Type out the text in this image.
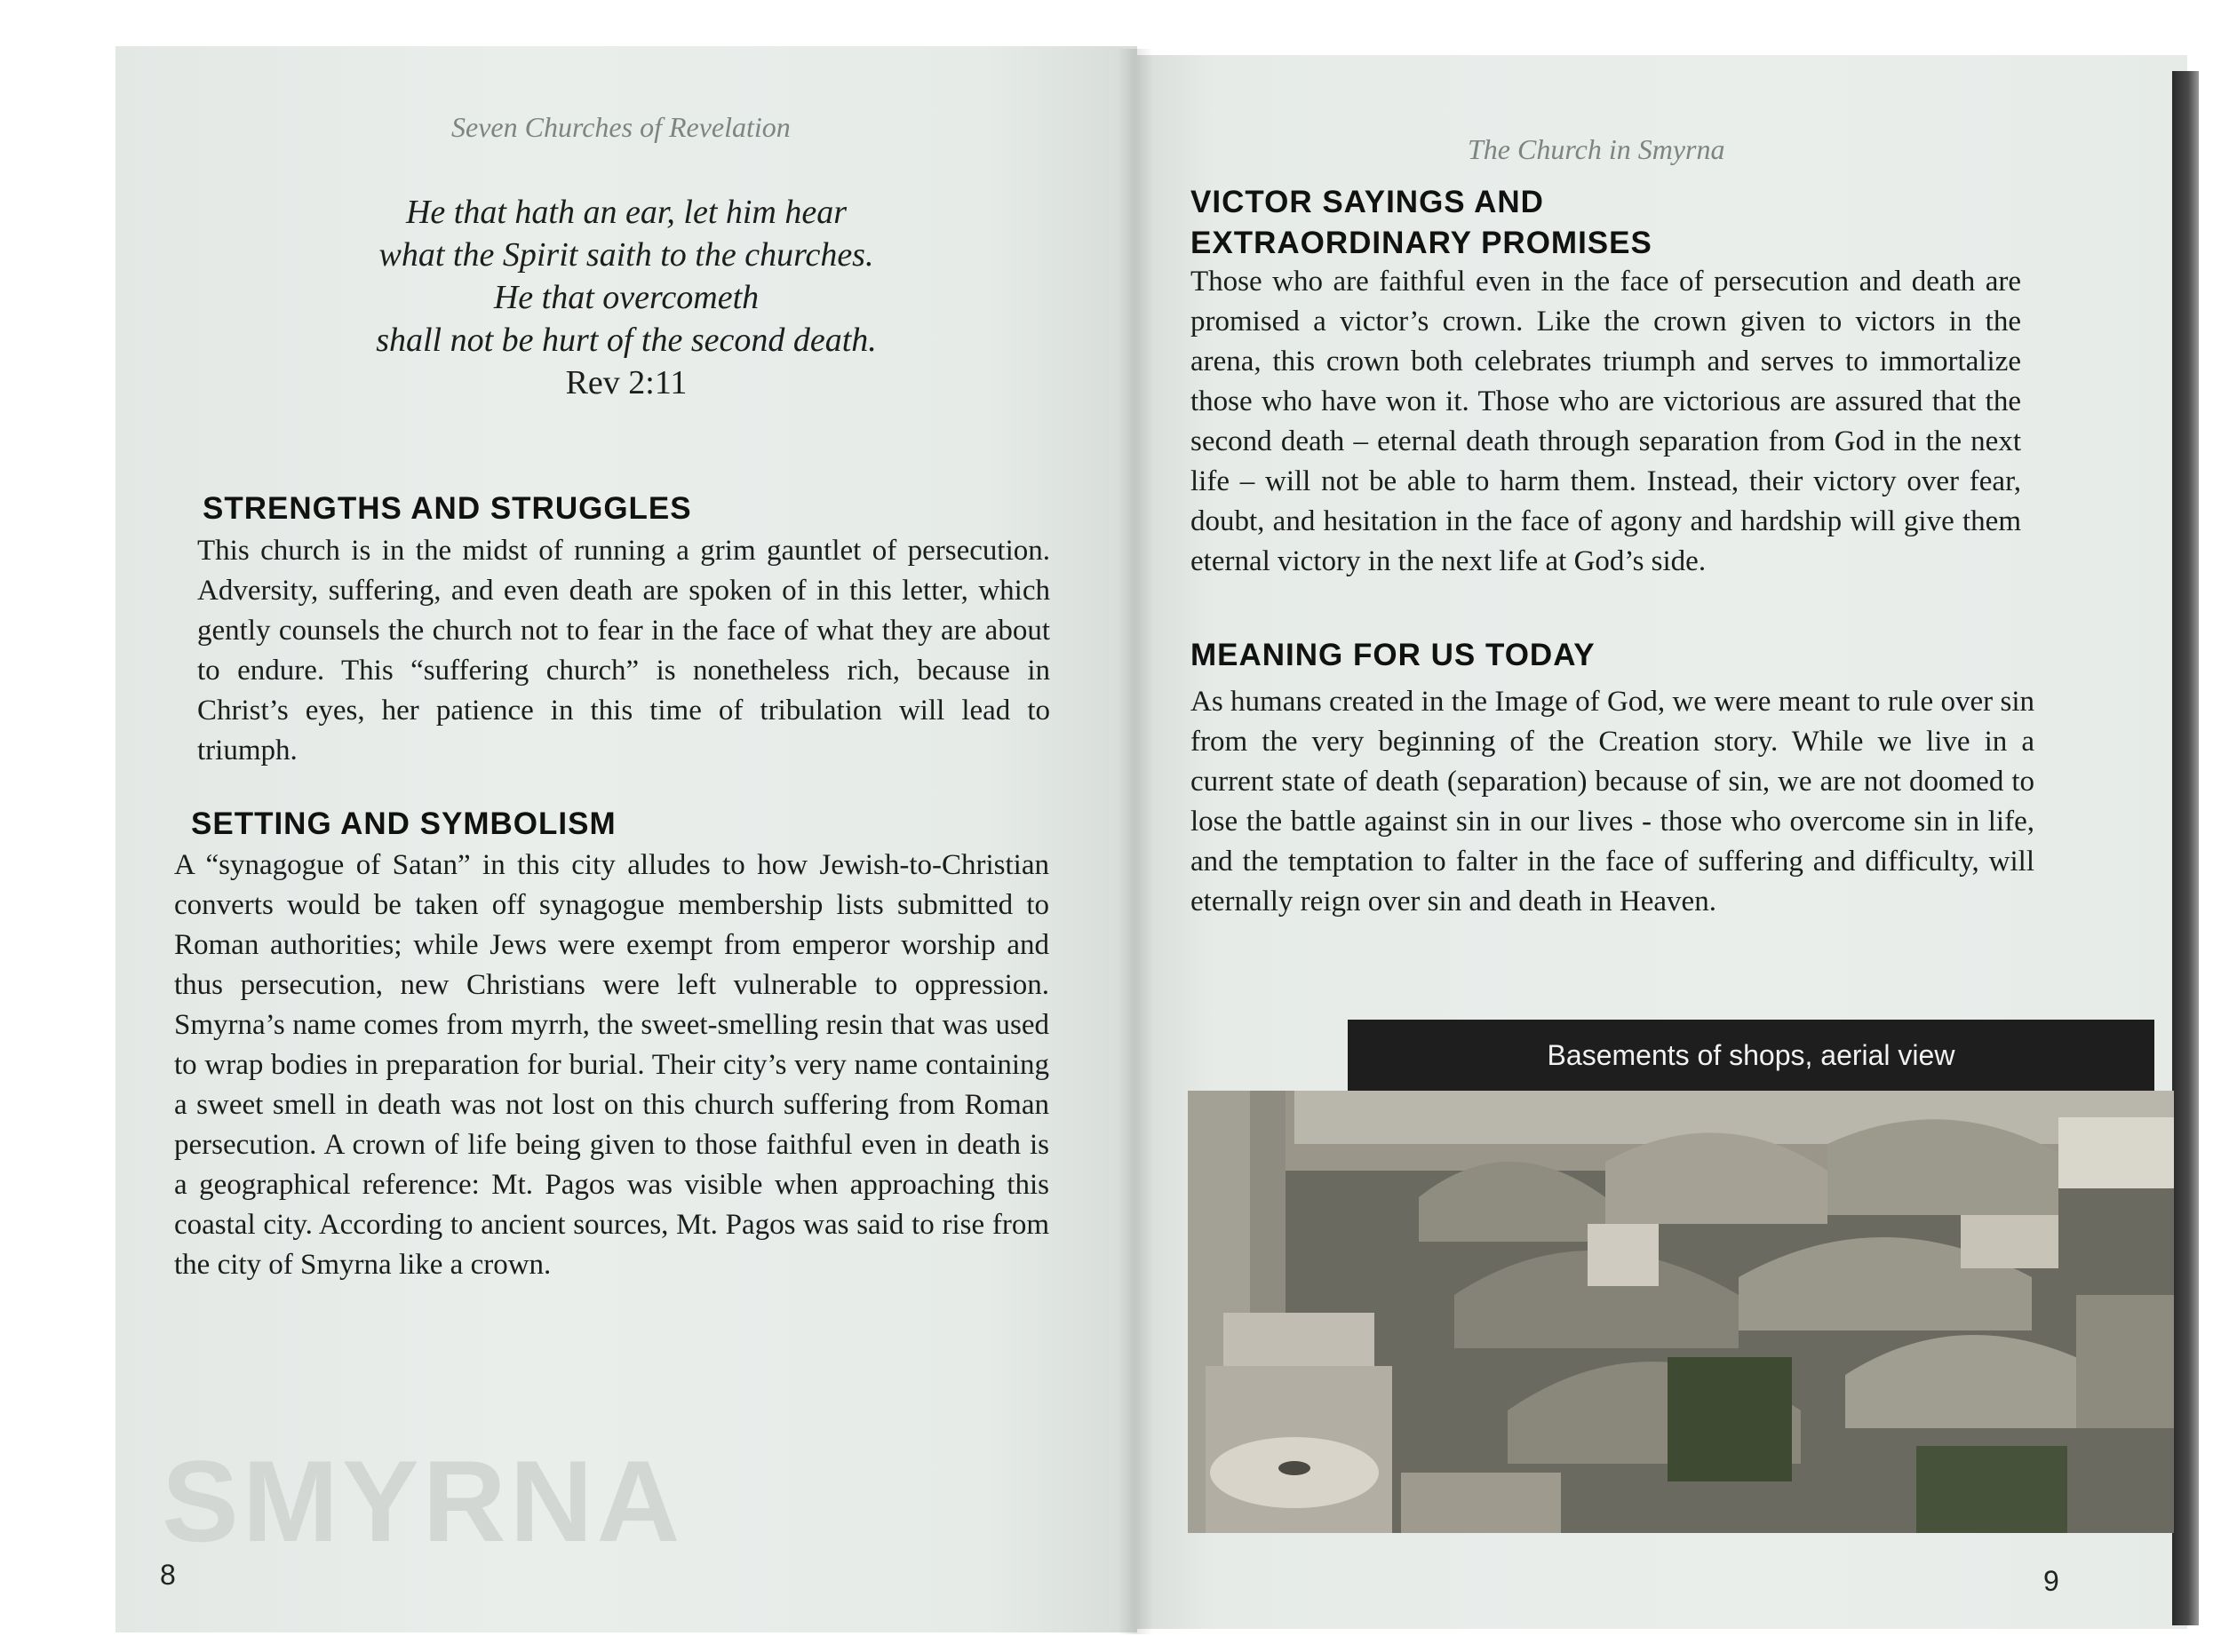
Seven Churches of Revelation
He that hath an ear, let him hear
what the Spirit saith to the churches.
He that overcometh
shall not be hurt of the second death.
Rev 2:11
STRENGTHS AND STRUGGLES
This church is in the midst of running a grim gauntlet of persecution. Adversity, suffering, and even death are spoken of in this letter, which gently counsels the church not to fear in the face of what they are about to endure. This “suffering church” is nonetheless rich, because in Christ’s eyes, her patience in this time of tribulation will lead to triumph.
SETTING AND SYMBOLISM
A “synagogue of Satan” in this city alludes to how Jewish-to-Christian converts would be taken off synagogue membership lists submitted to Roman authorities; while Jews were exempt from emperor worship and thus persecution, new Christians were left vulnerable to oppression. Smyrna’s name comes from myrrh, the sweet-smelling resin that was used to wrap bodies in preparation for burial. Their city’s very name containing a sweet smell in death was not lost on this church suffering from Roman persecution. A crown of life being given to those faithful even in death is a geographical reference: Mt. Pagos was visible when approaching this coastal city. According to ancient sources, Mt. Pagos was said to rise from the city of Smyrna like a crown.
SMYRNA
8
The Church in Smyrna
VICTOR SAYINGS AND
EXTRAORDINARY PROMISES
Those who are faithful even in the face of persecution and death are promised a victor’s crown. Like the crown given to victors in the arena, this crown both celebrates triumph and serves to immortalize those who have won it. Those who are victorious are assured that the second death – eternal death through separation from God in the next life – will not be able to harm them. Instead, their victory over fear, doubt, and hesitation in the face of agony and hardship will give them eternal victory in the next life at God’s side.
MEANING FOR US TODAY
As humans created in the Image of God, we were meant to rule over sin from the very beginning of the Creation story. While we live in a current state of death (separation) because of sin, we are not doomed to lose the battle against sin in our lives - those who overcome sin in life, and the temptation to falter in the face of suffering and difficulty, will eternally reign over sin and death in Heaven.
Basements of shops, aerial view
9
